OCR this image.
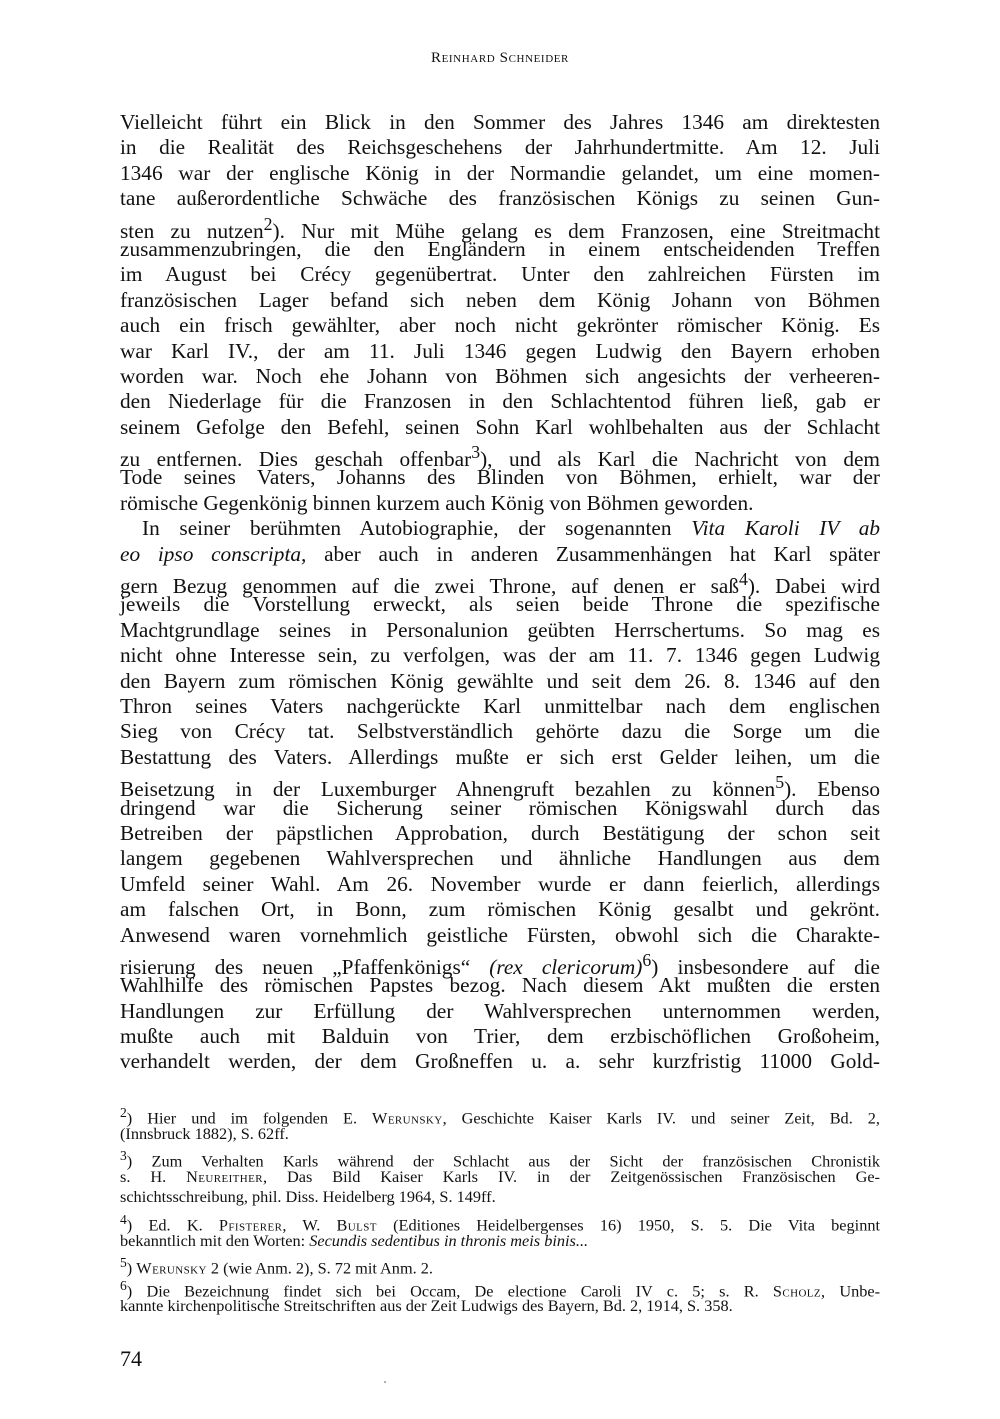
Reinhard Schneider
Vielleicht führt ein Blick in den Sommer des Jahres 1346 am direktesten
in die Realität des Reichsgeschehens der Jahrhundertmitte. Am 12. Juli
1346 war der englische König in der Normandie gelandet, um eine momen-
tane außerordentliche Schwäche des französischen Königs zu seinen Gun-
sten zu nutzen$^2$). Nur mit Mühe gelang es dem Franzosen, eine Streitmacht
zusammenzubringen, die den Engländern in einem entscheidenden Treffen
im August bei Crécy gegenübertrat. Unter den zahlreichen Fürsten im
französischen Lager befand sich neben dem König Johann von Böhmen
auch ein frisch gewählter, aber noch nicht gekrönter römischer König. Es
war Karl IV., der am 11. Juli 1346 gegen Ludwig den Bayern erhoben
worden war. Noch ehe Johann von Böhmen sich angesichts der verheeren-
den Niederlage für die Franzosen in den Schlachtentod führen ließ, gab er
seinem Gefolge den Befehl, seinen Sohn Karl wohlbehalten aus der Schlacht
zu entfernen. Dies geschah offenbar$^3$), und als Karl die Nachricht von dem
Tode seines Vaters, Johanns des Blinden von Böhmen, erhielt, war der
römische Gegenkönig binnen kurzem auch König von Böhmen geworden.
In seiner berühmten Autobiographie, der sogenannten Vita Karoli IV ab
eo ipso conscripta, aber auch in anderen Zusammenhängen hat Karl später
gern Bezug genommen auf die zwei Throne, auf denen er saß$^4$). Dabei wird
jeweils die Vorstellung erweckt, als seien beide Throne die spezifische
Machtgrundlage seines in Personalunion geübten Herrschertums. So mag es
nicht ohne Interesse sein, zu verfolgen, was der am 11. 7. 1346 gegen Ludwig
den Bayern zum römischen König gewählte und seit dem 26. 8. 1346 auf den
Thron seines Vaters nachgerückte Karl unmittelbar nach dem englischen
Sieg von Crécy tat. Selbstverständlich gehörte dazu die Sorge um die
Bestattung des Vaters. Allerdings mußte er sich erst Gelder leihen, um die
Beisetzung in der Luxemburger Ahnengruft bezahlen zu können$^5$). Ebenso
dringend war die Sicherung seiner römischen Königswahl durch das
Betreiben der päpstlichen Approbation, durch Bestätigung der schon seit
langem gegebenen Wahlversprechen und ähnliche Handlungen aus dem
Umfeld seiner Wahl. Am 26. November wurde er dann feierlich, allerdings
am falschen Ort, in Bonn, zum römischen König gesalbt und gekrönt.
Anwesend waren vornehmlich geistliche Fürsten, obwohl sich die Charakte-
risierung des neuen „Pfaffenkönigs“ (rex clericorum)$^6$) insbesondere auf die
Wahlhilfe des römischen Papstes bezog. Nach diesem Akt mußten die ersten
Handlungen zur Erfüllung der Wahlversprechen unternommen werden,
mußte auch mit Balduin von Trier, dem erzbischöflichen Großoheim,
verhandelt werden, der dem Großneffen u. a. sehr kurzfristig 11000 Gold-
$^2$) Hier und im folgenden E. Werunsky, Geschichte Kaiser Karls IV. und seiner Zeit, Bd. 2,
(Innsbruck 1882), S. 62ff.
$^3$) Zum Verhalten Karls während der Schlacht aus der Sicht der französischen Chronistik
s. H. Neureither, Das Bild Kaiser Karls IV. in der Zeitgenössischen Französischen Ge-
schichtsschreibung, phil. Diss. Heidelberg 1964, S. 149ff.
$^4$) Ed. K. Pfisterer, W. Bulst (Editiones Heidelbergenses 16) 1950, S. 5. Die Vita beginnt
bekanntlich mit den Worten: Secundis sedentibus in thronis meis binis...
$^5$) Werunsky 2 (wie Anm. 2), S. 72 mit Anm. 2.
$^6$) Die Bezeichnung findet sich bei Occam, De electione Caroli IV c. 5; s. R. Scholz, Unbe-
kannte kirchenpolitische Streitschriften aus der Zeit Ludwigs des Bayern, Bd. 2, 1914, S. 358.
74
